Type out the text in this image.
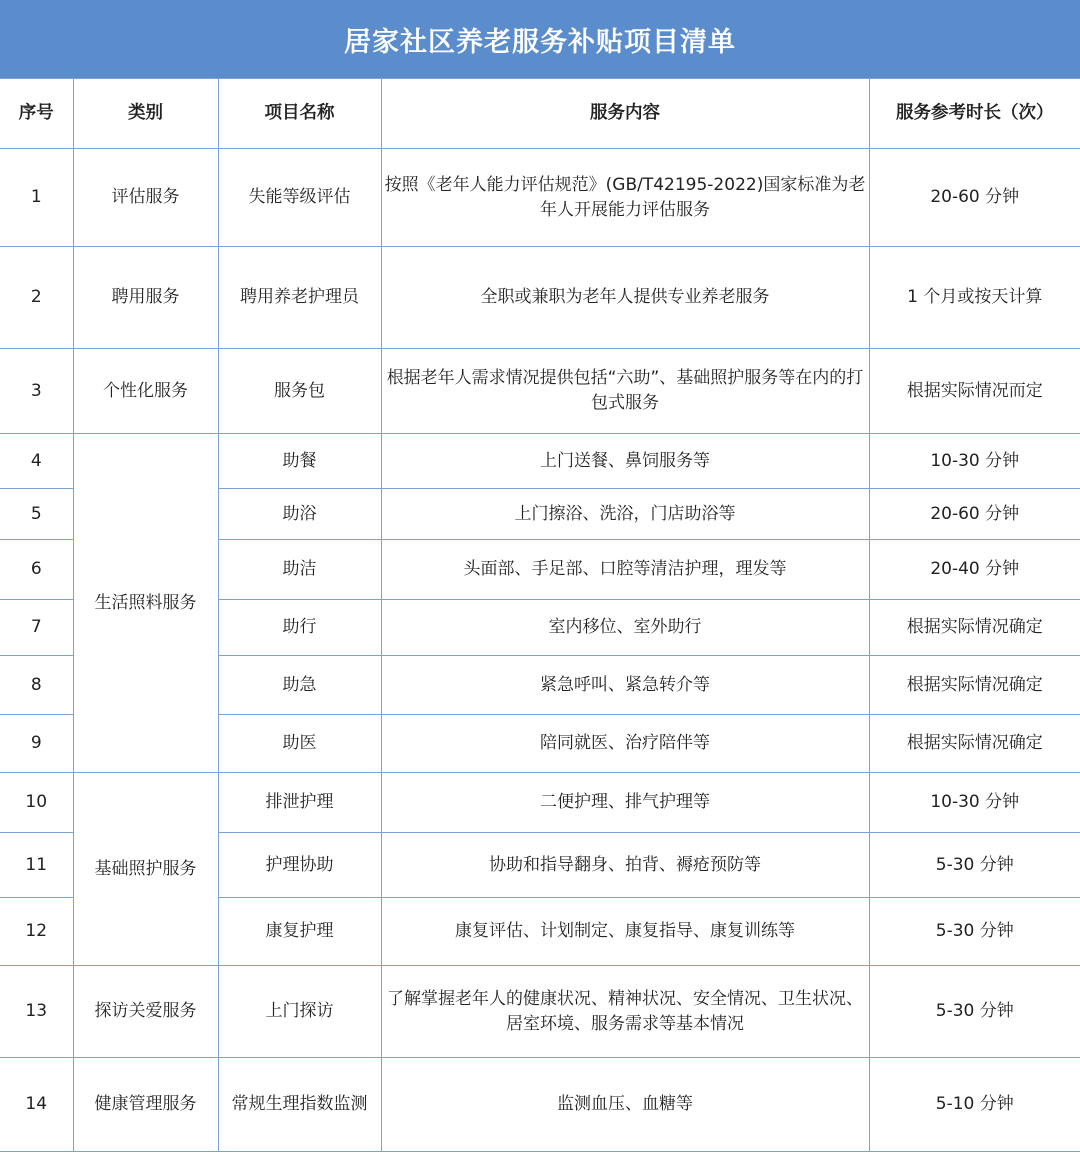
居家社区养老服务补贴项目清单
序号	类别	项目名称	服务内容	服务参考时长（次）
1	评估服务	失能等级评估	按照《老年人能力评估规范》(GB/T42195-2022)国家标准为老年人开展能力评估服务	20-60 分钟
2	聘用服务	聘用养老护理员	全职或兼职为老年人提供专业养老服务	1 个月或按天计算
3	个性化服务	服务包	根据老年人需求情况提供包括“六助”、基础照护服务等在内的打包式服务	根据实际情况而定
4	生活照料服务	助餐	上门送餐、鼻饲服务等	10-30 分钟
5		助浴	上门擦浴、洗浴，门店助浴等	20-60 分钟
6		助洁	头面部、手足部、口腔等清洁护理，理发等	20-40 分钟
7		助行	室内移位、室外助行	根据实际情况确定
8		助急	紧急呼叫、紧急转介等	根据实际情况确定
9		助医	陪同就医、治疗陪伴等	根据实际情况确定
10	基础照护服务	排泄护理	二便护理、排气护理等	10-30 分钟
11		护理协助	协助和指导翻身、拍背、褥疮预防等	5-30 分钟
12		康复护理	康复评估、计划制定、康复指导、康复训练等	5-30 分钟
13	探访关爱服务	上门探访	了解掌握老年人的健康状况、精神状况、安全情况、卫生状况、居室环境、服务需求等基本情况	5-30 分钟
14	健康管理服务	常规生理指数监测	监测血压、血糖等	5-10 分钟
